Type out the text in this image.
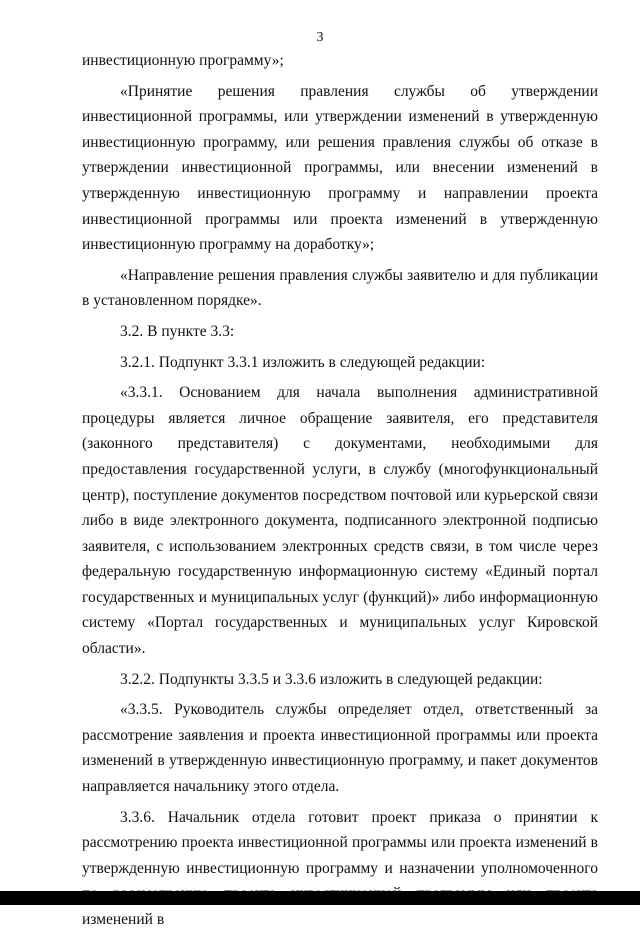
3

инвестиционную программу»;

«Принятие решения правления службы об утверждении инвестиционной программы, или утверждении изменений в утвержденную инвестиционную программу, или решения правления службы об отказе в утверждении инвестиционной программы, или внесении изменений в утвержденную инвестиционную программу и направлении проекта инвестиционной программы или проекта изменений в утвержденную инвестиционную программу на доработку»;

«Направление решения правления службы заявителю и для публикации в установленном порядке».

3.2. В пункте 3.3:

3.2.1. Подпункт 3.3.1 изложить в следующей редакции:

«3.3.1. Основанием для начала выполнения административной процедуры является личное обращение заявителя, его представителя (законного представителя) с документами, необходимыми для предоставления государственной услуги, в службу (многофункциональный центр), поступление документов посредством почтовой или курьерской связи либо в виде электронного документа, подписанного электронной подписью заявителя, с использованием электронных средств связи, в том числе через федеральную государственную информационную систему «Единый портал государственных и муниципальных услуг (функций)» либо информационную систему «Портал государственных и муниципальных услуг Кировской области».

3.2.2. Подпункты 3.3.5 и 3.3.6 изложить в следующей редакции:

«3.3.5. Руководитель службы определяет отдел, ответственный за рассмотрение заявления и проекта инвестиционной программы или проекта изменений в утвержденную инвестиционную программу, и пакет документов направляется начальнику этого отдела.

3.3.6. Начальник отдела готовит проект приказа о принятии к рассмотрению проекта инвестиционной программы или проекта изменений в утвержденную инвестиционную программу и назначении уполномоченного изменений в
